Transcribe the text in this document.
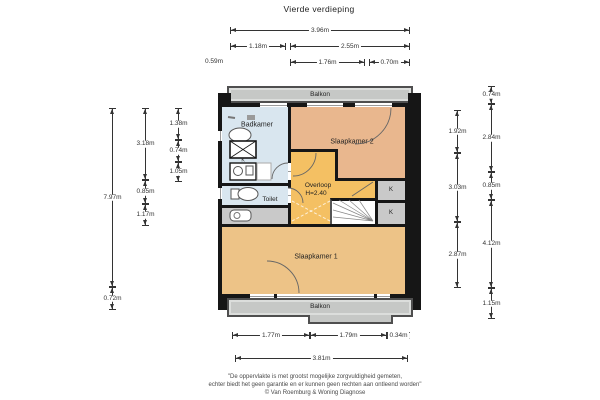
Vierde verdieping
Badkamer
Slaapkamer 2
Overloop
H=2.40
Toilet
Slaapkamer 1
K
K
K
Balkon
Balkon
3.96m
1.18m	2.55m
0.59m	1.76m	0.70m
7.97m
0.72m
3.18m
0.85m
1.17m
1.38m
0.74m
1.05m
1.92m
3.03m
2.87m
0.74m
2.84m
0.85m
4.12m
1.15m
1.77m	1.79m	0.34m
3.81m
"De oppervlakte is met grootst mogelijke zorgvuldigheid gemeten,
echter biedt het geen garantie en er kunnen geen rechten aan ontleend worden"
© Van Roemburg & Woning Diagnose
